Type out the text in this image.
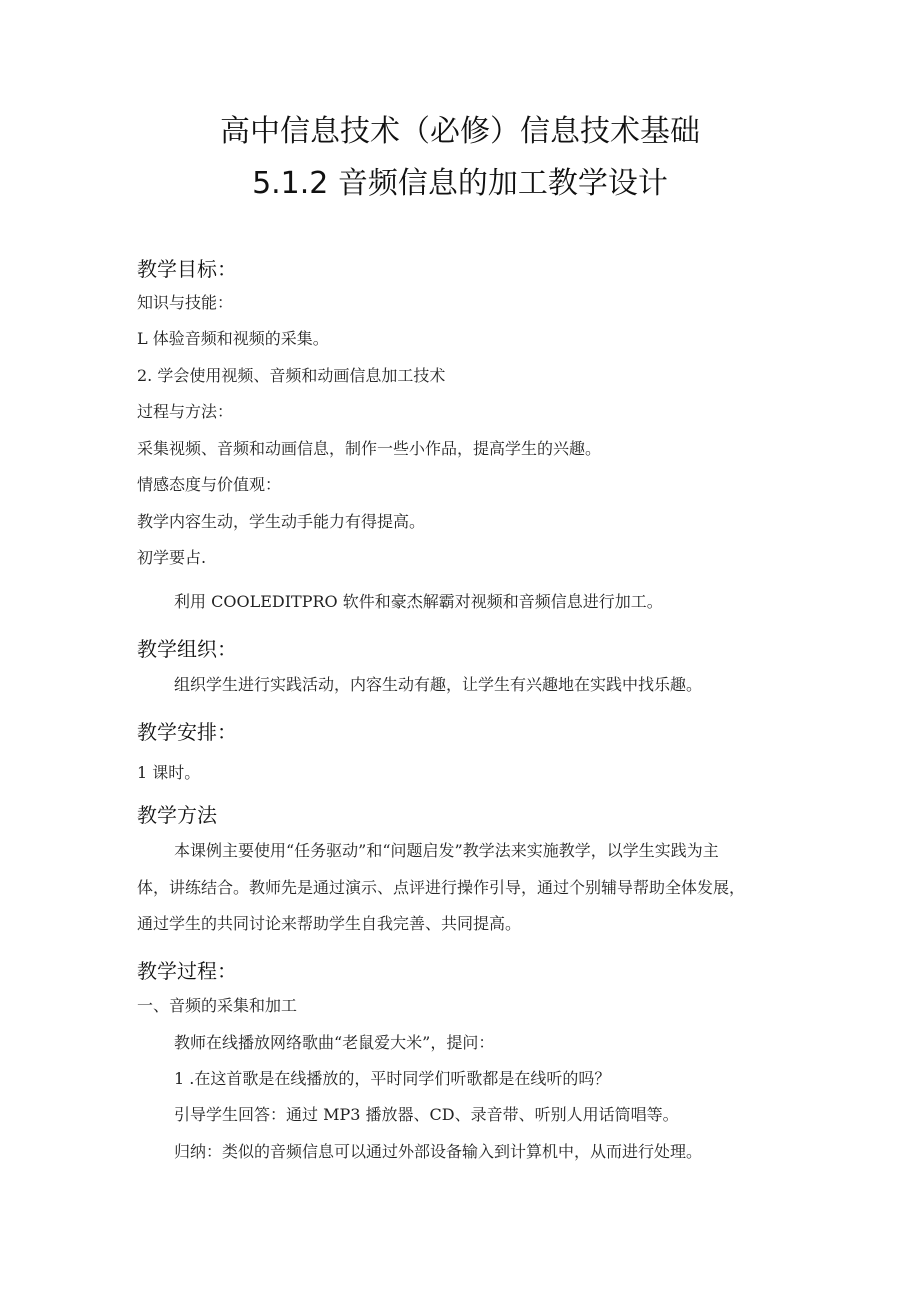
高中信息技术（必修）信息技术基础
5.1.2 音频信息的加工教学设计
教学目标：
知识与技能：
L 体验音频和视频的采集。
2. 学会使用视频、音频和动画信息加工技术
过程与方法：
采集视频、音频和动画信息，制作一些小作品，提高学生的兴趣。
情感态度与价值观：
教学内容生动，学生动手能力有得提高。
初学要占.
利用 COOLEDITPRO 软件和豪杰解霸对视频和音频信息进行加工。
教学组织：
组织学生进行实践活动，内容生动有趣，让学生有兴趣地在实践中找乐趣。
教学安排：
1 课时。
教学方法
本课例主要使用“任务驱动”和“问题启发”教学法来实施教学，以学生实践为主
体，讲练结合。教师先是通过演示、点评进行操作引导，通过个别辅导帮助全体发展，
通过学生的共同讨论来帮助学生自我完善、共同提高。
教学过程：
一、音频的采集和加工
教师在线播放网络歌曲“老鼠爱大米”，提问：
1 .在这首歌是在线播放的，平时同学们听歌都是在线听的吗？
引导学生回答：通过 MP3 播放器、CD、录音带、听别人用话筒唱等。
归纳：类似的音频信息可以通过外部设备输入到计算机中，从而进行处理。
